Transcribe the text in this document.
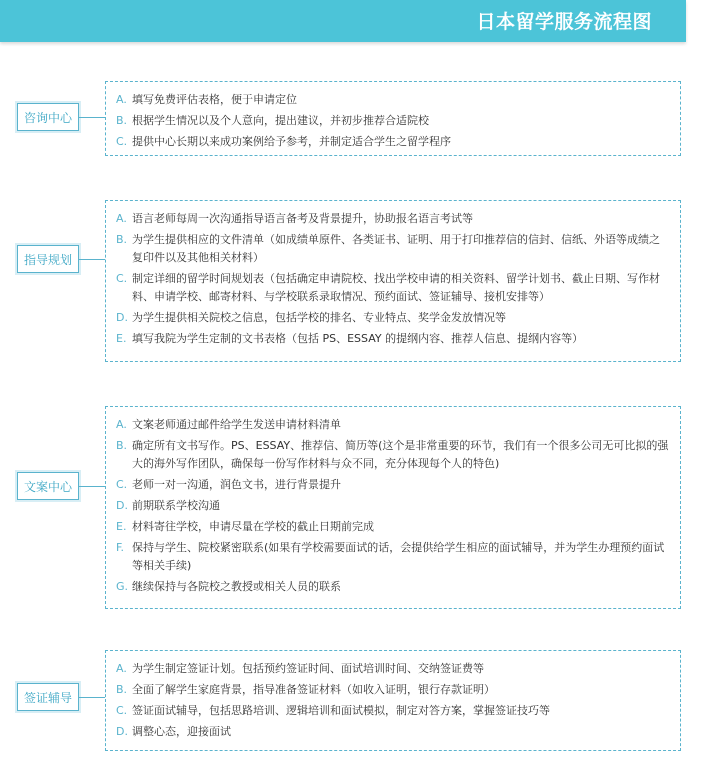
日本留学服务流程图
咨询中心
A. 填写免费评估表格，便于申请定位
B. 根据学生情况以及个人意向，提出建议，并初步推荐合适院校
C. 提供中心长期以来成功案例给予参考，并制定适合学生之留学程序
指导规划
A. 语言老师每周一次沟通指导语言备考及背景提升，协助报名语言考试等
B. 为学生提供相应的文件清单（如成绩单原件、各类证书、证明、用于打印推荐信的信封、信纸、外语等成绩之复印件以及其他相关材料）
C. 制定详细的留学时间规划表（包括确定申请院校、找出学校申请的相关资料、留学计划书、截止日期、写作材料、申请学校、邮寄材料、与学校联系录取情况、预约面试、签证辅导、接机安排等）
D. 为学生提供相关院校之信息，包括学校的排名、专业特点、奖学金发放情况等
E. 填写我院为学生定制的文书表格（包括 PS、ESSAY 的提纲内容、推荐人信息、提纲内容等）
文案中心
A. 文案老师通过邮件给学生发送申请材料清单
B. 确定所有文书写作。PS、ESSAY、推荐信、简历等(这个是非常重要的环节，我们有一个很多公司无可比拟的强大的海外写作团队，确保每一份写作材料与众不同，充分体现每个人的特色)
C. 老师一对一沟通，润色文书，进行背景提升
D. 前期联系学校沟通
E. 材料寄往学校，申请尽量在学校的截止日期前完成
F. 保持与学生、院校紧密联系(如果有学校需要面试的话，会提供给学生相应的面试辅导，并为学生办理预约面试等相关手续)
G. 继续保持与各院校之教授或相关人员的联系
签证辅导
A. 为学生制定签证计划。包括预约签证时间、面试培训时间、交纳签证费等
B. 全面了解学生家庭背景，指导准备签证材料（如收入证明，银行存款证明）
C. 签证面试辅导，包括思路培训、逻辑培训和面试模拟，制定对答方案，掌握签证技巧等
D. 调整心态，迎接面试
